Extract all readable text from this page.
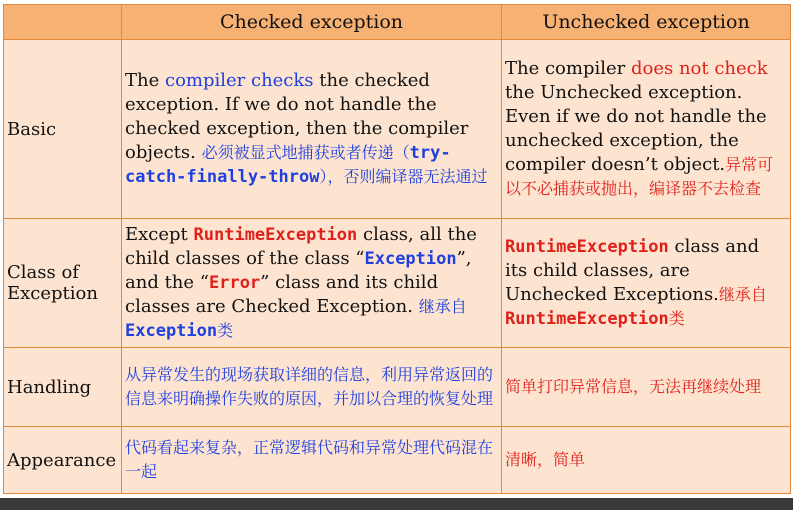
	Checked exception	Unchecked exception
Basic	The compiler checks the checked exception. If we do not handle the checked exception, then the compiler objects. 必须被显式地捕获或者传递（try-catch-finally-throw），否则编译器无法通过	The compiler does not check the Unchecked exception. Even if we do not handle the unchecked exception, the compiler doesn’t object.异常可以不必捕获或抛出，编译器不去检查
Class of Exception	Except RuntimeException class, all the child classes of the class “Exception”, and the “Error” class and its child classes are Checked Exception. 继承自Exception类	RuntimeException class and its child classes, are Unchecked Exceptions.继承自RuntimeException类
Handling	从异常发生的现场获取详细的信息，利用异常返回的信息来明确操作失败的原因，并加以合理的恢复处理	简单打印异常信息，无法再继续处理
Appearance	代码看起来复杂，正常逻辑代码和异常处理代码混在一起	清晰，简单
